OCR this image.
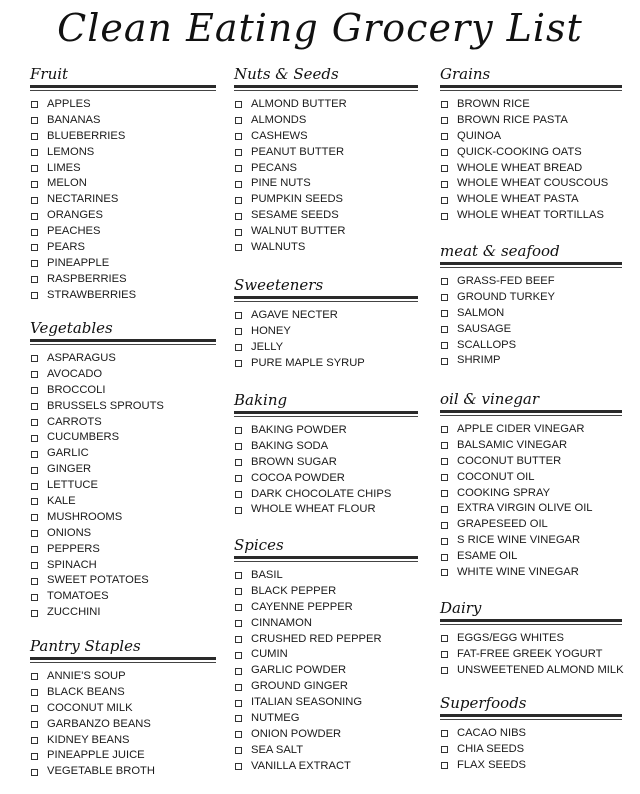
Clean Eating Grocery List
Fruit
APPLES
BANANAS
BLUEBERRIES
LEMONS
LIMES
MELON
NECTARINES
ORANGES
PEACHES
PEARS
PINEAPPLE
RASPBERRIES
STRAWBERRIES
Vegetables
ASPARAGUS
AVOCADO
BROCCOLI
BRUSSELS SPROUTS
CARROTS
CUCUMBERS
GARLIC
GINGER
LETTUCE
KALE
MUSHROOMS
ONIONS
PEPPERS
SPINACH
SWEET POTATOES
TOMATOES
ZUCCHINI
Pantry Staples
ANNIE'S SOUP
BLACK BEANS
COCONUT MILK
GARBANZO BEANS
KIDNEY BEANS
PINEAPPLE JUICE
VEGETABLE BROTH
Nuts & Seeds
ALMOND BUTTER
ALMONDS
CASHEWS
PEANUT BUTTER
PECANS
PINE NUTS
PUMPKIN SEEDS
SESAME SEEDS
WALNUT BUTTER
WALNUTS
Sweeteners
AGAVE NECTER
HONEY
JELLY
PURE MAPLE SYRUP
Baking
BAKING POWDER
BAKING SODA
BROWN SUGAR
COCOA POWDER
DARK CHOCOLATE CHIPS
WHOLE WHEAT FLOUR
Spices
BASIL
BLACK PEPPER
CAYENNE PEPPER
CINNAMON
CRUSHED RED PEPPER
CUMIN
GARLIC POWDER
GROUND GINGER
ITALIAN SEASONING
NUTMEG
ONION POWDER
SEA SALT
VANILLA EXTRACT
Grains
BROWN RICE
BROWN RICE PASTA
QUINOA
QUICK-COOKING OATS
WHOLE WHEAT BREAD
WHOLE WHEAT COUSCOUS
WHOLE WHEAT PASTA
WHOLE WHEAT TORTILLAS
meat & seafood
GRASS-FED BEEF
GROUND TURKEY
SALMON
SAUSAGE
SCALLOPS
SHRIMP
oil & vinegar
APPLE CIDER VINEGAR
BALSAMIC VINEGAR
COCONUT BUTTER
COCONUT OIL
COOKING SPRAY
EXTRA VIRGIN OLIVE OIL
GRAPESEED OIL
S RICE WINE VINEGAR
ESAME OIL
WHITE WINE VINEGAR
Dairy
EGGS/EGG WHITES
FAT-FREE GREEK YOGURT
UNSWEETENED ALMOND MILK
Superfoods
CACAO NIBS
CHIA SEEDS
FLAX SEEDS
